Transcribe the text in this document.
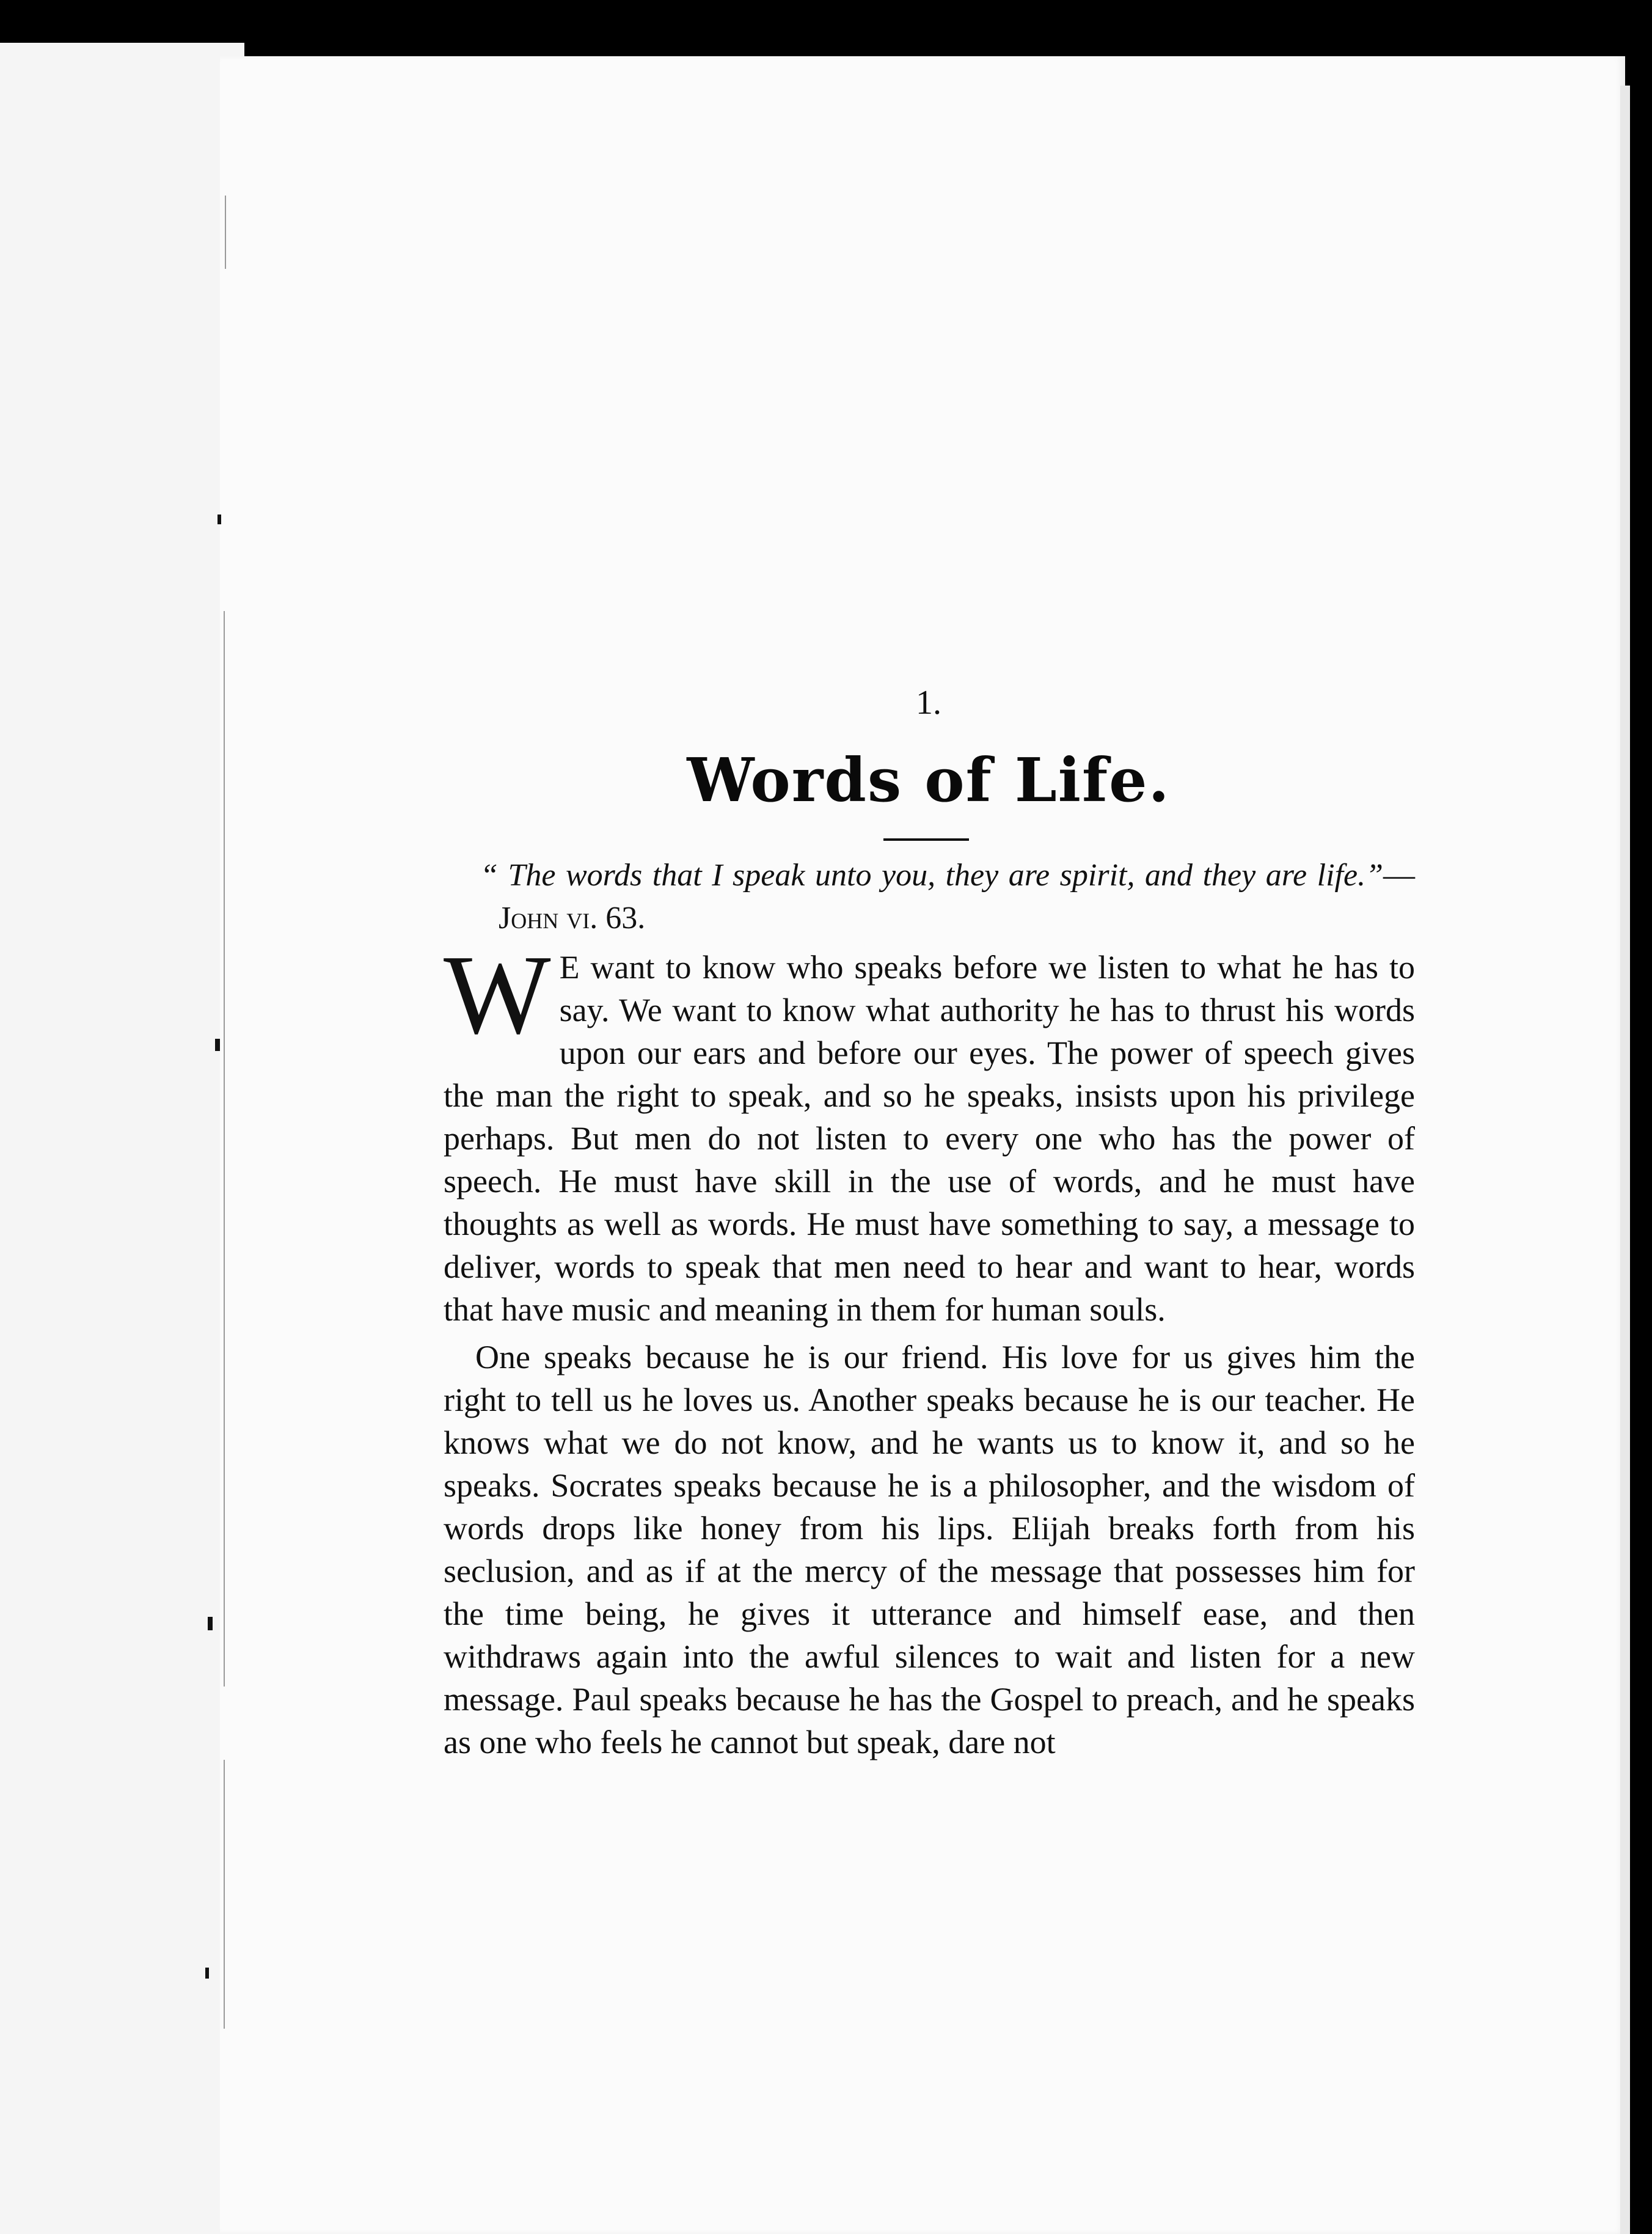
1.
Words of Life.

“ The words that I speak unto you, they are spirit, and they are life.”—John vi. 63.

W E want to know who speaks before we listen to what he has to say. We want to know what authority he has to thrust his words upon our ears and before our eyes. The power of speech gives the man the right to speak, and so he speaks, insists upon his privilege perhaps. But men do not listen to every one who has the power of speech. He must have skill in the use of words, and he must have thoughts as well as words. He must have something to say, a message to deliver, words to speak that men need to hear and want to hear, words that have music and meaning in them for human souls.

One speaks because he is our friend. His love for us gives him the right to tell us he loves us. Another speaks because he is our teacher. He knows what we do not know, and he wants us to know it, and so he speaks. Socrates speaks because he is a philosopher, and the wisdom of words drops like honey from his lips. Elijah breaks forth from his seclusion, and as if at the mercy of the message that possesses him for the time being, he gives it utterance and himself ease, and then withdraws again into the awful silences to wait and listen for a new message. Paul speaks because he has the Gospel to preach, and he speaks as one who feels he cannot but speak, dare not
